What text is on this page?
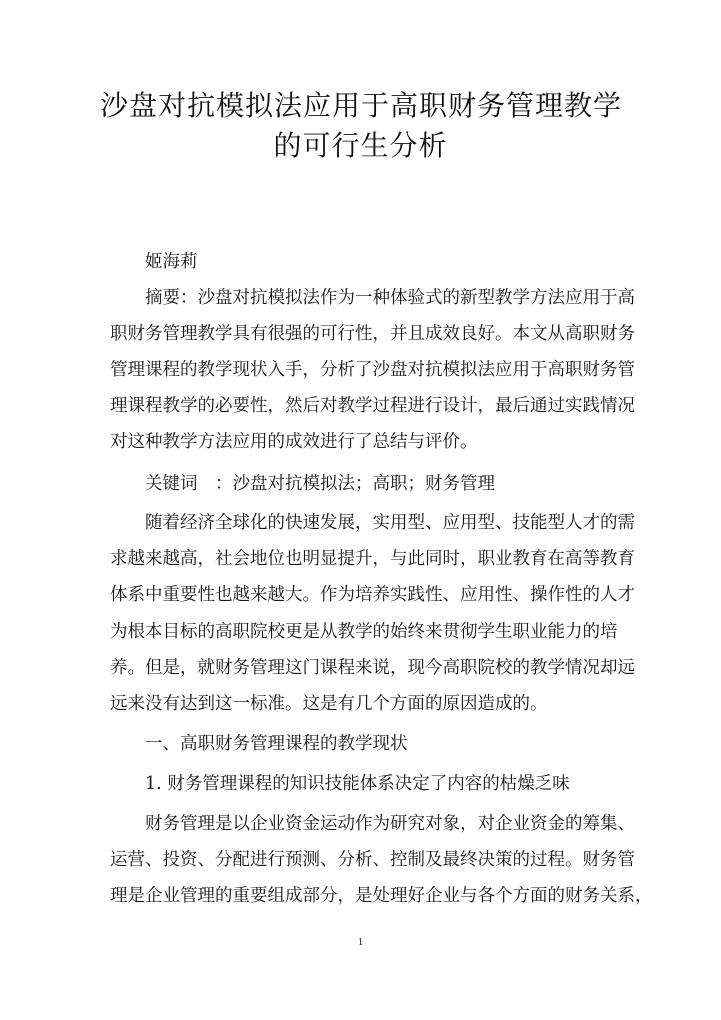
沙盘对抗模拟法应用于高职财务管理教学
的可行生分析
姬海莉
摘要：沙盘对抗模拟法作为一种体验式的新型教学方法应用于高
职财务管理教学具有很强的可行性，并且成效良好。本文从高职财务
管理课程的教学现状入手，分析了沙盘对抗模拟法应用于高职财务管
理课程教学的必要性，然后对教学过程进行设计，最后通过实践情况
对这种教学方法应用的成效进行了总结与评价。
关键词　：沙盘对抗模拟法；高职；财务管理
随着经济全球化的快速发展，实用型、应用型、技能型人才的需
求越来越高，社会地位也明显提升，与此同时，职业教育在高等教育
体系中重要性也越来越大。作为培养实践性、应用性、操作性的人才
为根本目标的高职院校更是从教学的始终来贯彻学生职业能力的培
养。但是，就财务管理这门课程来说，现今高职院校的教学情况却远
远来没有达到这一标准。这是有几个方面的原因造成的。
一、高职财务管理课程的教学现状
1. 财务管理课程的知识技能体系决定了内容的枯燥乏味
财务管理是以企业资金运动作为研究对象，对企业资金的筹集、
运营、投资、分配进行预测、分析、控制及最终决策的过程。财务管
理是企业管理的重要组成部分，是处理好企业与各个方面的财务关系，
1
